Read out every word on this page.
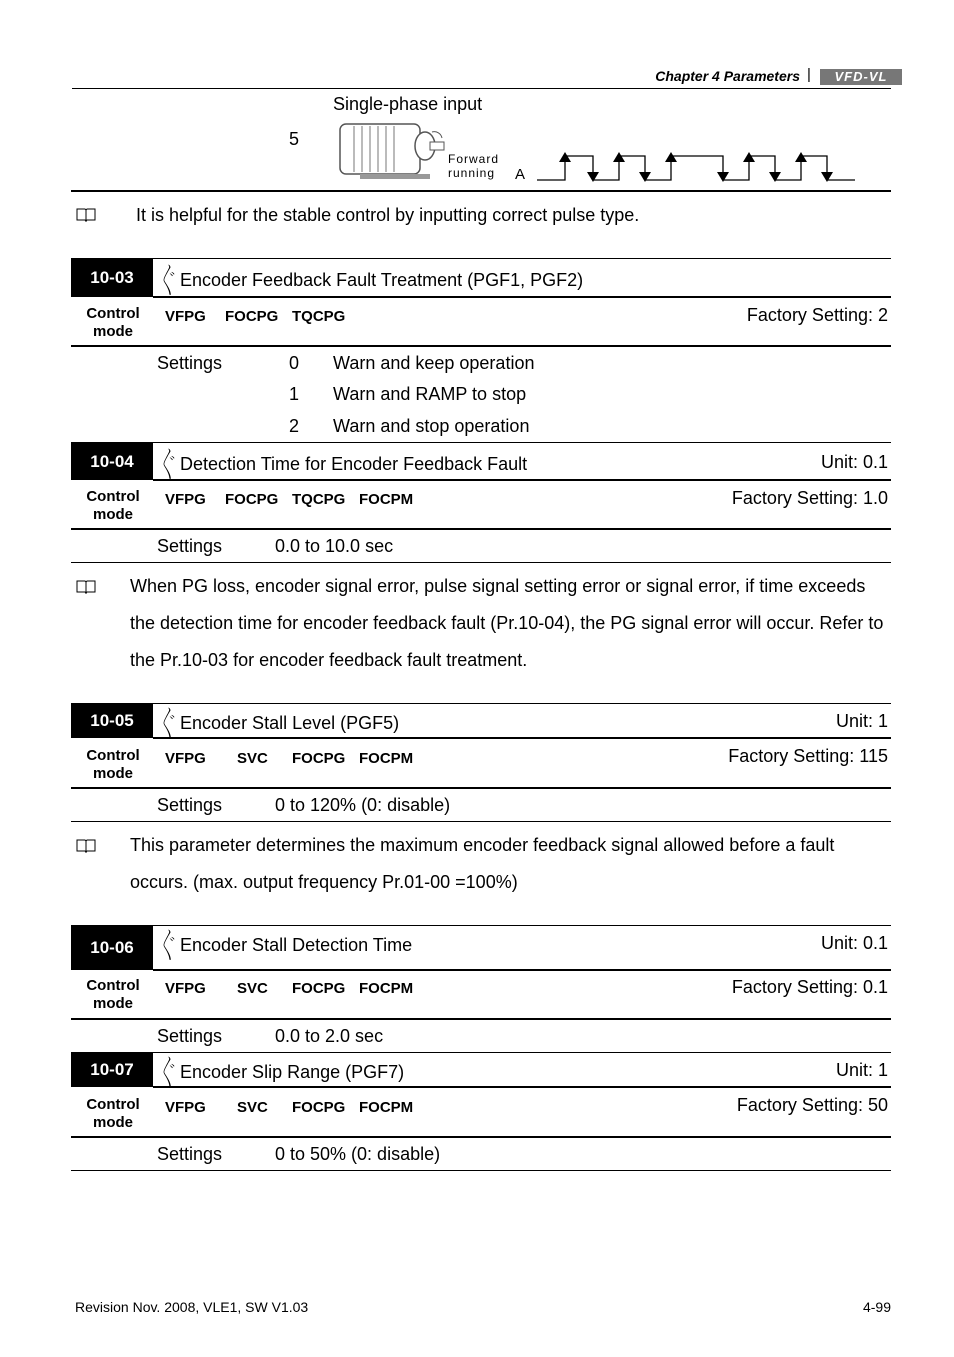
Chapter 4 Parameters |	VFD-VL
Single-phase input
5
Forward
running A
It is helpful for the stable control by inputting correct pulse type.
10-03	〲 Encoder Feedback Fault Treatment (PGF1, PGF2)
Control mode
VFPG FOCPG TQCPG	Factory Setting: 2
Settings	0 Warn and keep operation
1 Warn and RAMP to stop
2 Warn and stop operation
10-04	〲 Detection Time for Encoder Feedback Fault	Unit: 0.1
Control mode
VFPG FOCPG TQCPG FOCPM	Factory Setting: 1.0
Settings	0.0 to 10.0 sec
When PG loss, encoder signal error, pulse signal setting error or signal error, if time exceeds the detection time for encoder feedback fault (Pr.10-04), the PG signal error will occur. Refer to the Pr.10-03 for encoder feedback fault treatment.
10-05	〲 Encoder Stall Level (PGF5)	Unit: 1
Control mode
VFPG SVC FOCPG FOCPM	Factory Setting: 115
Settings	0 to 120% (0: disable)
This parameter determines the maximum encoder feedback signal allowed before a fault occurs. (max. output frequency Pr.01-00 =100%)
10-06	〲 Encoder Stall Detection Time	Unit: 0.1
Control mode
VFPG SVC FOCPG FOCPM	Factory Setting: 0.1
Settings	0.0 to 2.0 sec
10-07	〲 Encoder Slip Range (PGF7)	Unit: 1
Control mode
VFPG SVC FOCPG FOCPM	Factory Setting: 50
Settings	0 to 50% (0: disable)
Revision Nov. 2008, VLE1, SW V1.03	4-99
